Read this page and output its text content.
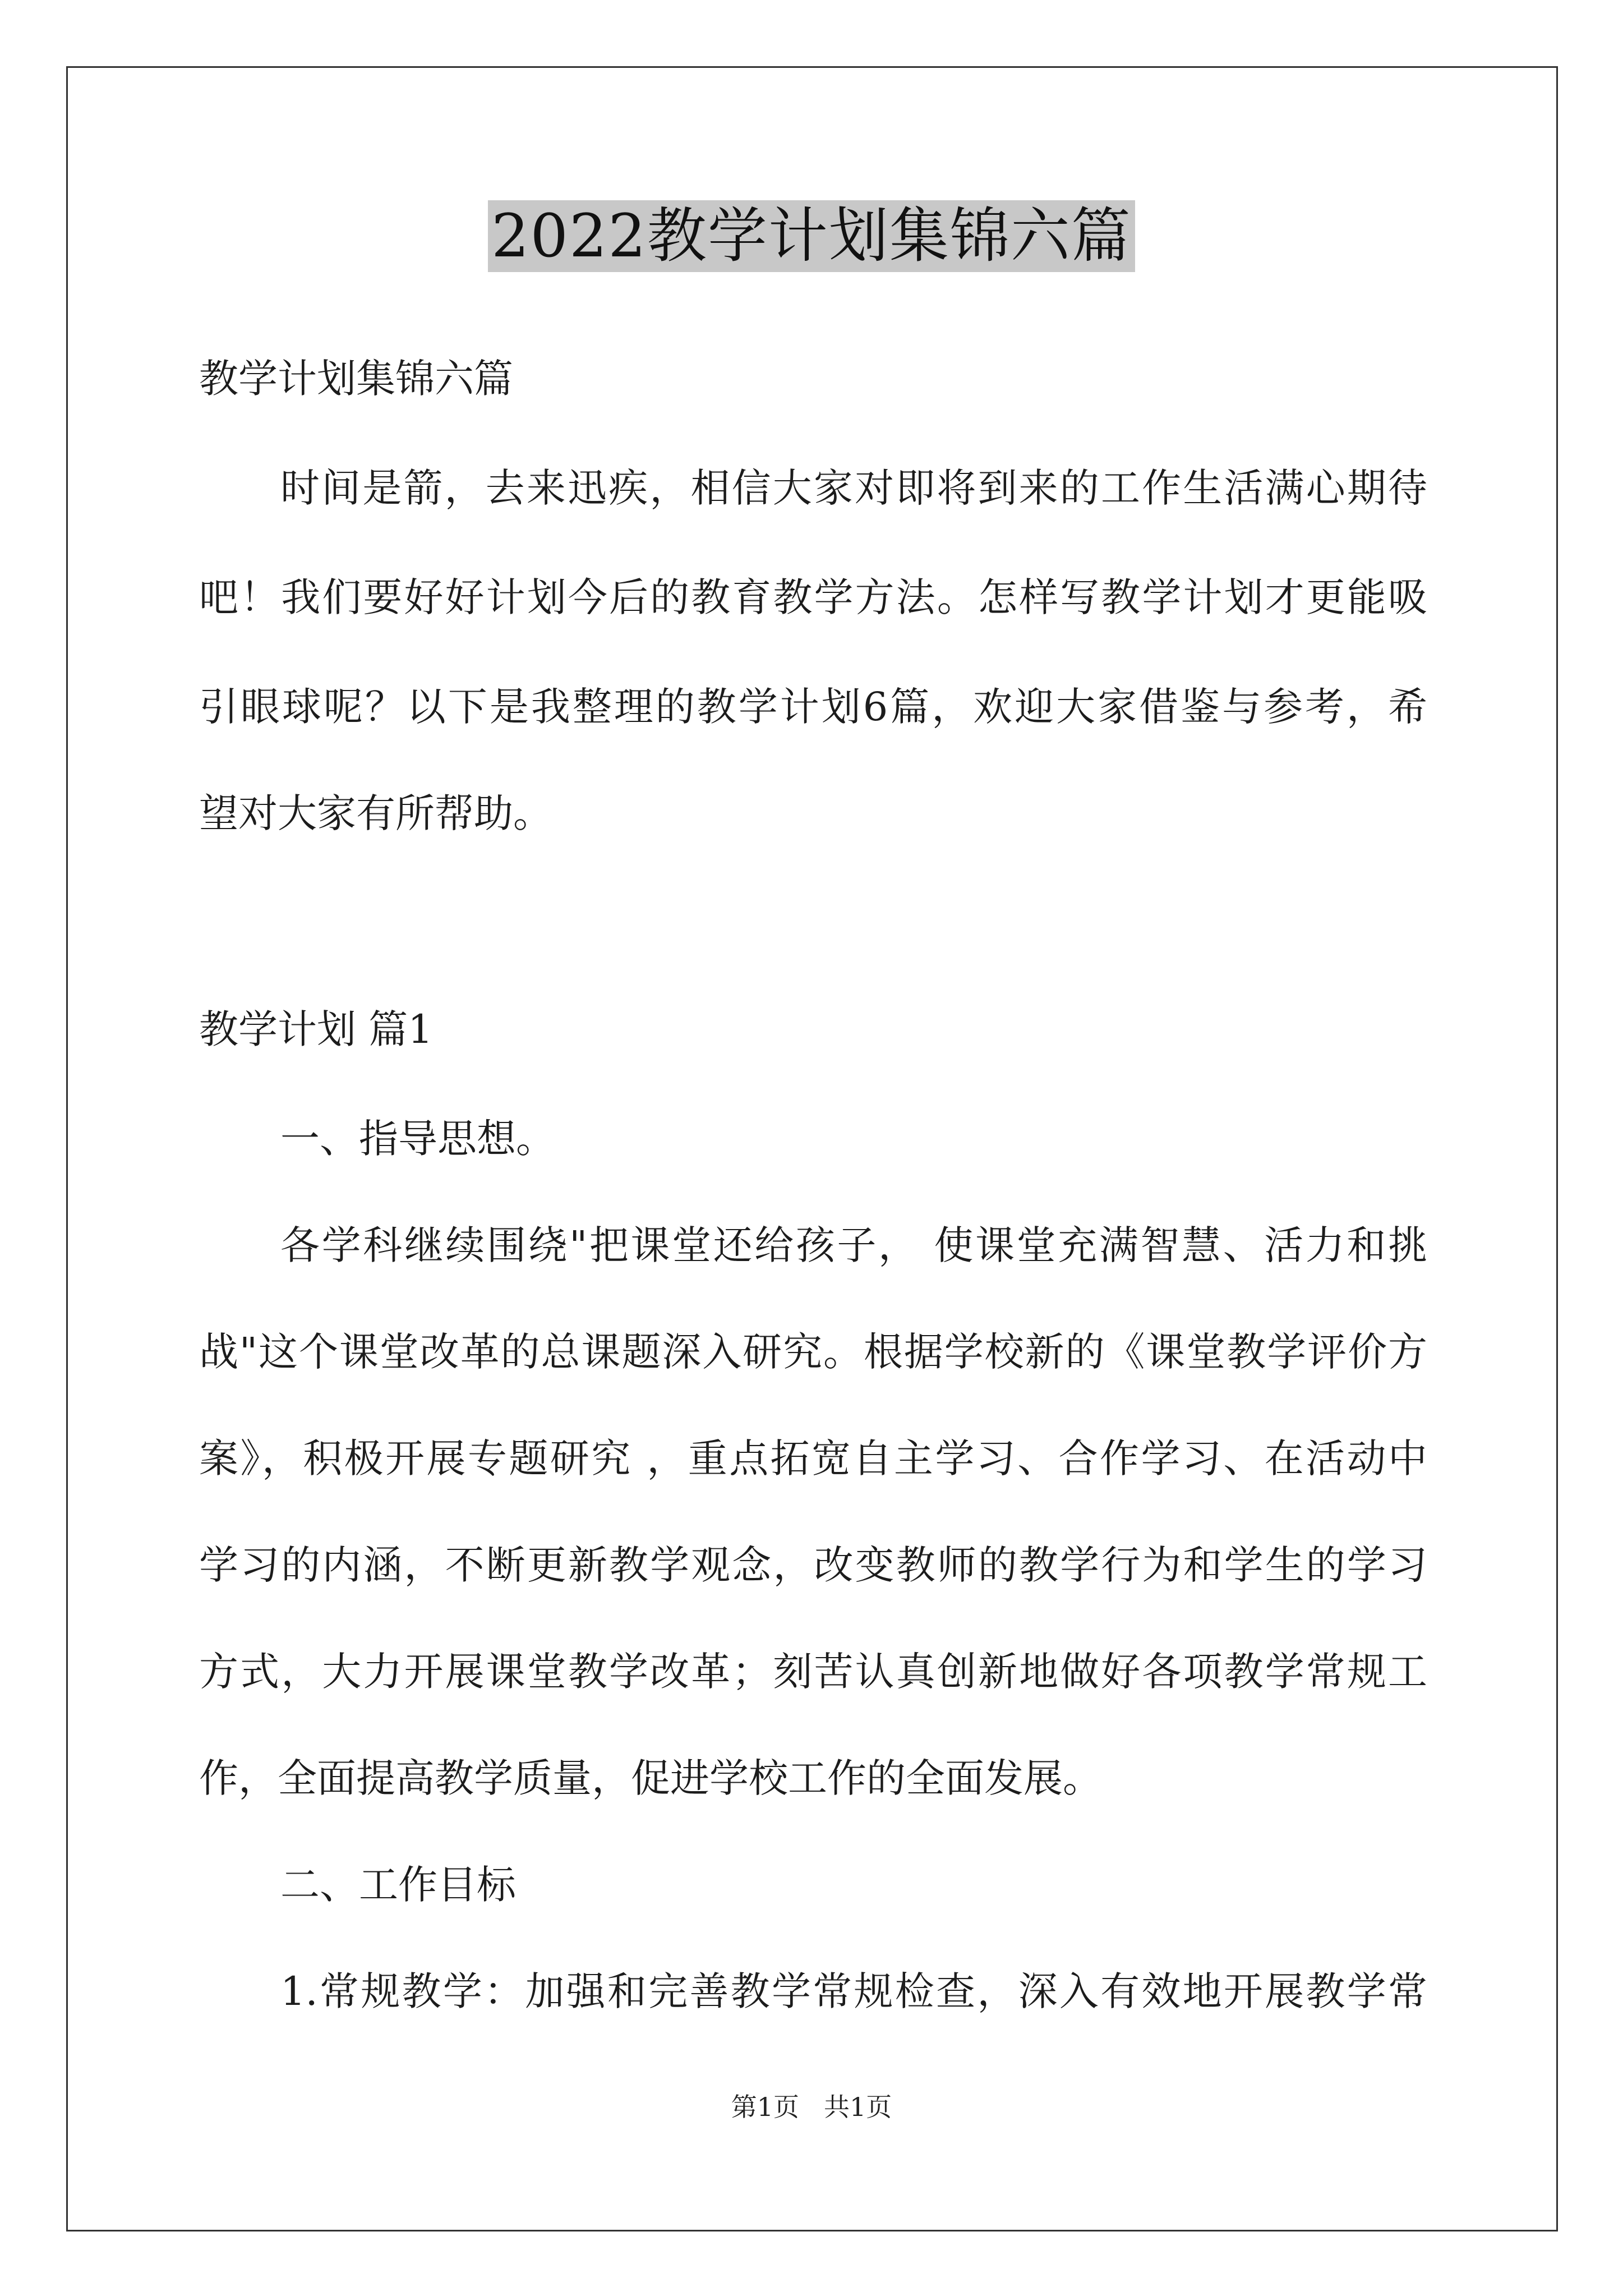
2022教学计划集锦六篇
教学计划集锦六篇
时间是箭，去来迅疾，相信大家对即将到来的工作生活满心期待
吧！我们要好好计划今后的教育教学方法。怎样写教学计划才更能吸
引眼球呢？以下是我整理的教学计划6篇，欢迎大家借鉴与参考，希
望对大家有所帮助。
教学计划 篇1
一、指导思想。
各学科继续围绕"把课堂还给孩子， 使课堂充满智慧、活力和挑
战"这个课堂改革的总课题深入研究。根据学校新的《课堂教学评价方
案》，积极开展专题研究 ，重点拓宽自主学习、合作学习、在活动中
学习的内涵，不断更新教学观念，改变教师的教学行为和学生的学习
方式，大力开展课堂教学改革；刻苦认真创新地做好各项教学常规工
作，全面提高教学质量，促进学校工作的全面发展。
二、工作目标
1.常规教学：加强和完善教学常规检查，深入有效地开展教学常
第1页 共1页
